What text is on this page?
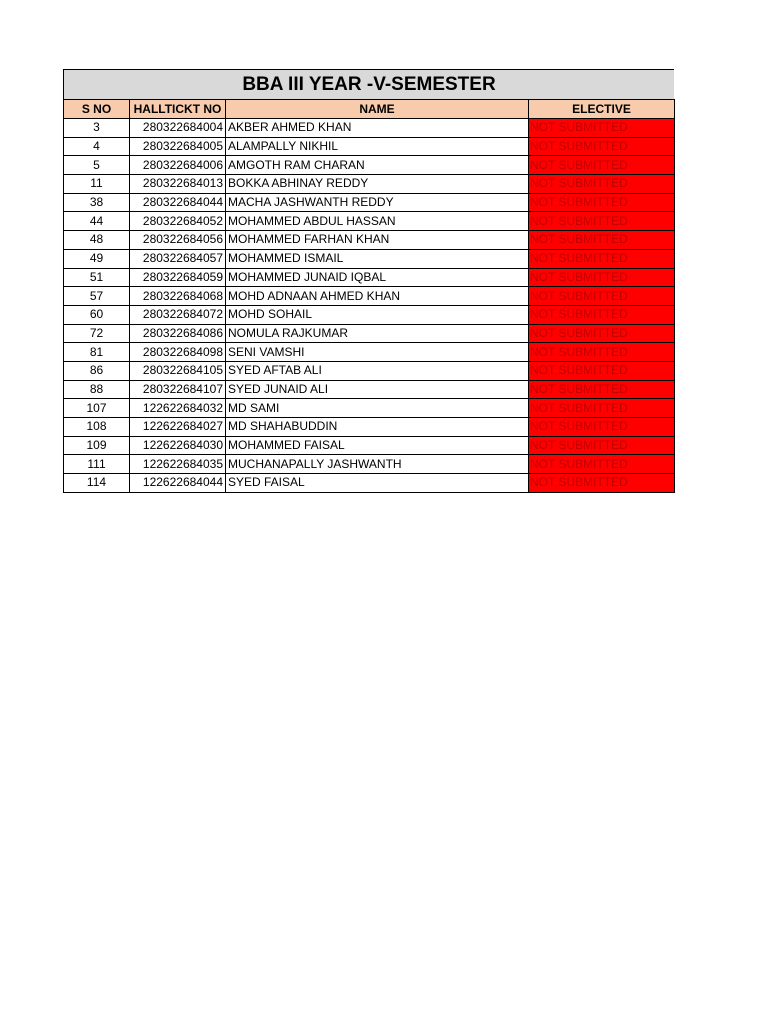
BBA III YEAR -V-SEMESTER
S NO	HALLTICKT NO	NAME	ELECTIVE
3	280322684004	AKBER AHMED KHAN	NOT SUBMITTED
4	280322684005	ALAMPALLY NIKHIL	NOT SUBMITTED
5	280322684006	AMGOTH RAM CHARAN	NOT SUBMITTED
11	280322684013	BOKKA ABHINAY REDDY	NOT SUBMITTED
38	280322684044	MACHA JASHWANTH REDDY	NOT SUBMITTED
44	280322684052	MOHAMMED ABDUL HASSAN	NOT SUBMITTED
48	280322684056	MOHAMMED FARHAN KHAN	NOT SUBMITTED
49	280322684057	MOHAMMED ISMAIL	NOT SUBMITTED
51	280322684059	MOHAMMED JUNAID IQBAL	NOT SUBMITTED
57	280322684068	MOHD ADNAAN AHMED KHAN	NOT SUBMITTED
60	280322684072	MOHD SOHAIL	NOT SUBMITTED
72	280322684086	NOMULA RAJKUMAR	NOT SUBMITTED
81	280322684098	SENI VAMSHI	NOT SUBMITTED
86	280322684105	SYED AFTAB ALI	NOT SUBMITTED
88	280322684107	SYED JUNAID ALI	NOT SUBMITTED
107	122622684032	MD SAMI	NOT SUBMITTED
108	122622684027	MD SHAHABUDDIN	NOT SUBMITTED
109	122622684030	MOHAMMED FAISAL	NOT SUBMITTED
111	122622684035	MUCHANAPALLY JASHWANTH	NOT SUBMITTED
114	122622684044	SYED FAISAL	NOT SUBMITTED
